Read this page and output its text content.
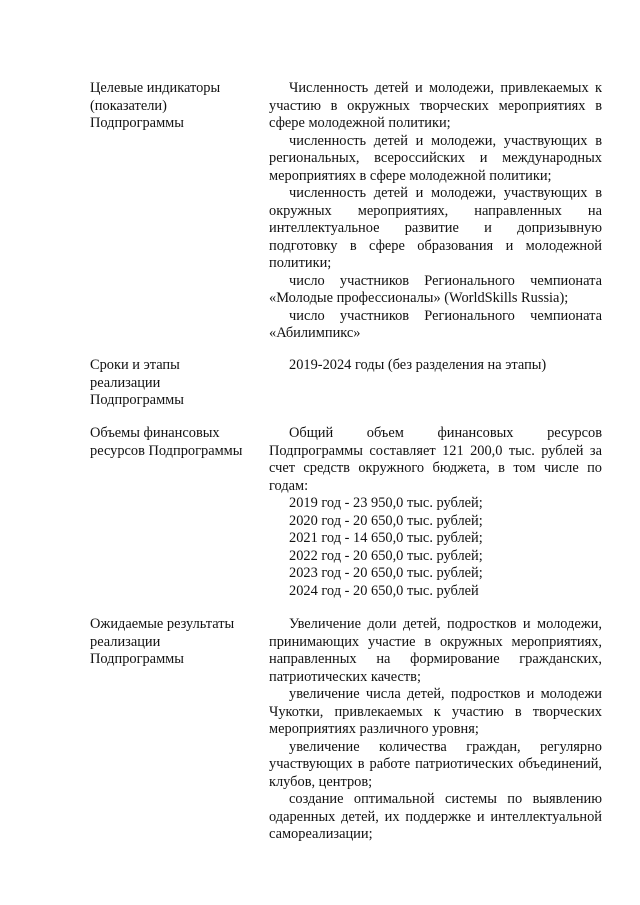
Целевые индикаторы
(показатели)
Подпрограммы

Численность детей и молодежи, привлекаемых к участию в окружных творческих мероприятиях в сфере молодежной политики;

численность детей и молодежи, участвующих в региональных, всероссийских и международных мероприятиях в сфере молодежной политики;

численность детей и молодежи, участвующих в окружных мероприятиях, направленных на интеллектуальное развитие и допризывную подготовку в сфере образования и молодежной политики;

число участников Регионального чемпионата «Молодые профессионалы» (WorldSkills Russia);

число участников Регионального чемпионата «Абилимпикс»

Сроки и этапы
реализации
Подпрограммы

2019-2024 годы (без разделения на этапы)

Объемы финансовых
ресурсов Подпрограммы

Общий объем финансовых ресурсов Подпрограммы составляет 121 200,0 тыс. рублей за счет средств окружного бюджета, в том числе по годам:

2019 год - 23 950,0 тыс. рублей;

2020 год - 20 650,0 тыс. рублей;

2021 год - 14 650,0 тыс. рублей;

2022 год - 20 650,0 тыс. рублей;

2023 год - 20 650,0 тыс. рублей;

2024 год - 20 650,0 тыс. рублей

Ожидаемые результаты
реализации
Подпрограммы

Увеличение доли детей, подростков и молодежи, принимающих участие в окружных мероприятиях, направленных на формирование гражданских, патриотических качеств;

увеличение числа детей, подростков и молодежи Чукотки, привлекаемых к участию в творческих мероприятиях различного уровня;

увеличение количества граждан, регулярно участвующих в работе патриотических объединений, клубов, центров;

создание оптимальной системы по выявлению одаренных детей, их поддержке и интеллектуальной самореализации;
